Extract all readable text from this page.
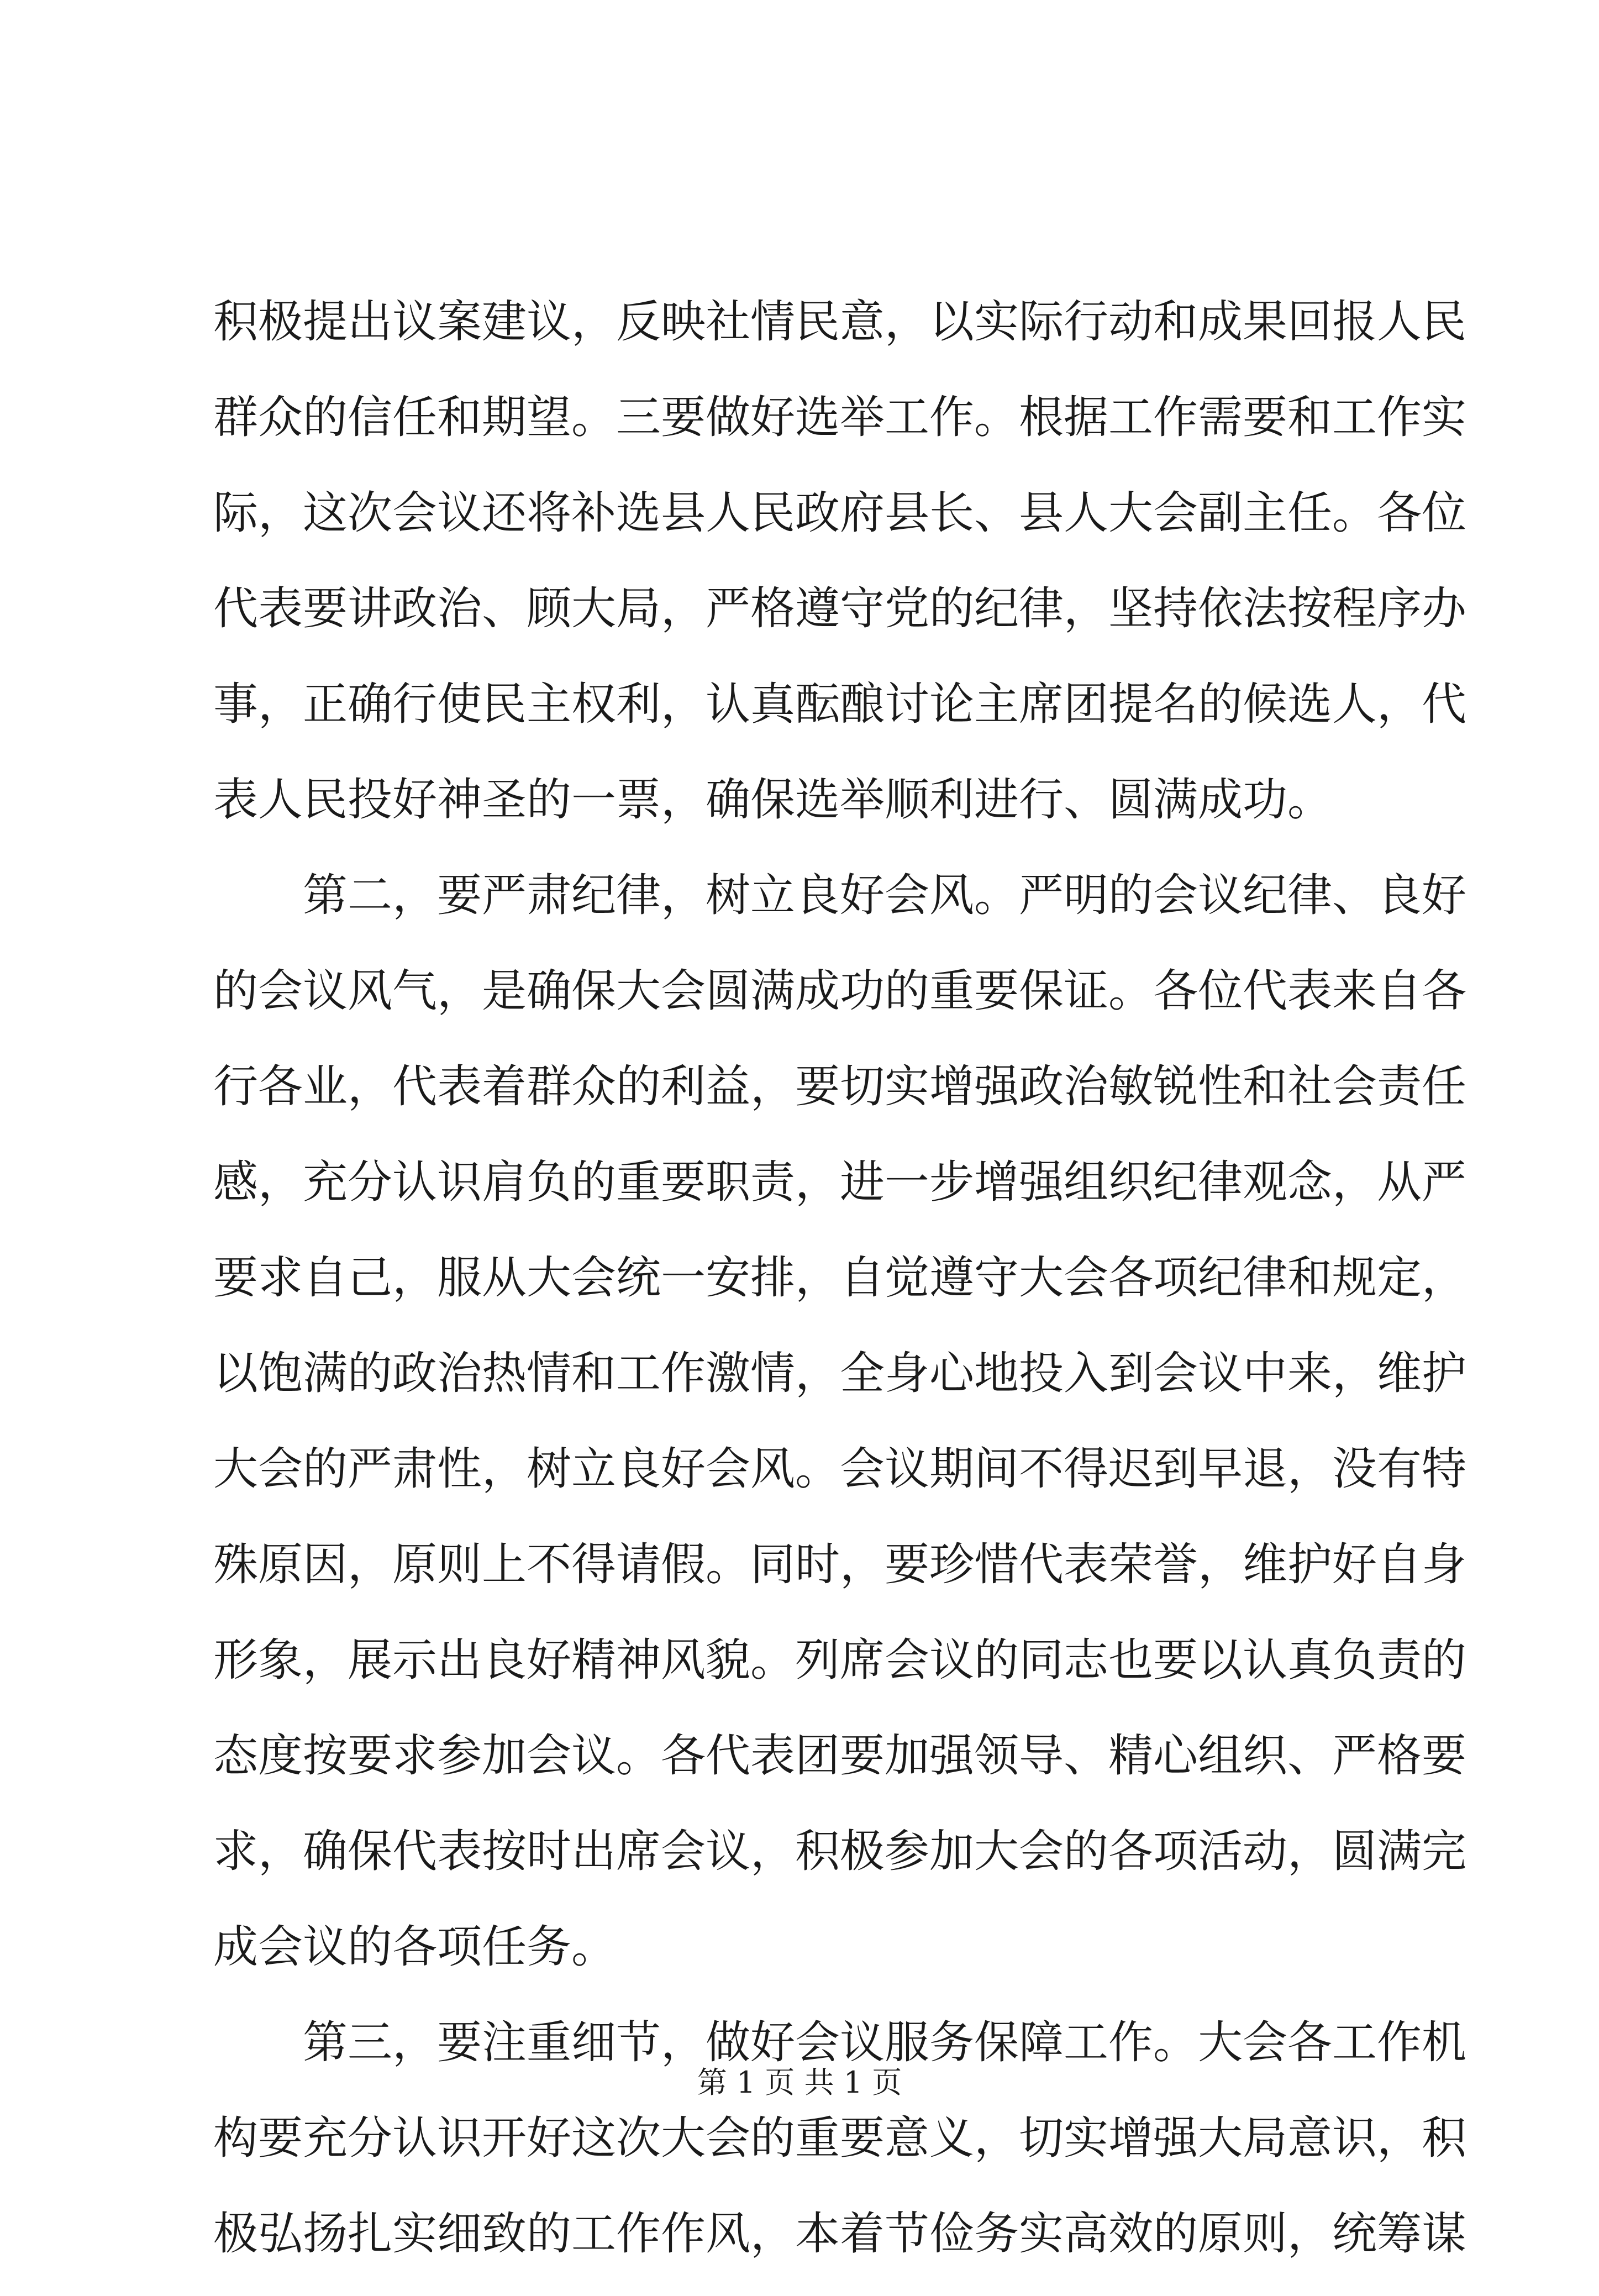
积极提出议案建议，反映社情民意，以实际行动和成果回报人民
群众的信任和期望。三要做好选举工作。根据工作需要和工作实
际，这次会议还将补选县人民政府县长、县人大会副主任。各位
代表要讲政治、顾大局，严格遵守党的纪律，坚持依法按程序办
事，正确行使民主权利，认真酝酿讨论主席团提名的候选人，代
表人民投好神圣的一票，确保选举顺利进行、圆满成功。
第二，要严肃纪律，树立良好会风。严明的会议纪律、良好
的会议风气，是确保大会圆满成功的重要保证。各位代表来自各
行各业，代表着群众的利益，要切实增强政治敏锐性和社会责任
感，充分认识肩负的重要职责，进一步增强组织纪律观念，从严
要求自己，服从大会统一安排，自觉遵守大会各项纪律和规定，
以饱满的政治热情和工作激情，全身心地投入到会议中来，维护
大会的严肃性，树立良好会风。会议期间不得迟到早退，没有特
殊原因，原则上不得请假。同时，要珍惜代表荣誉，维护好自身
形象，展示出良好精神风貌。列席会议的同志也要以认真负责的
态度按要求参加会议。各代表团要加强领导、精心组织、严格要
求，确保代表按时出席会议，积极参加大会的各项活动，圆满完
成会议的各项任务。
第三，要注重细节，做好会议服务保障工作。大会各工作机
构要充分认识开好这次大会的重要意义，切实增强大局意识，积
极弘扬扎实细致的工作作风，本着节俭务实高效的原则，统筹谋
第 1 页 共 1 页
